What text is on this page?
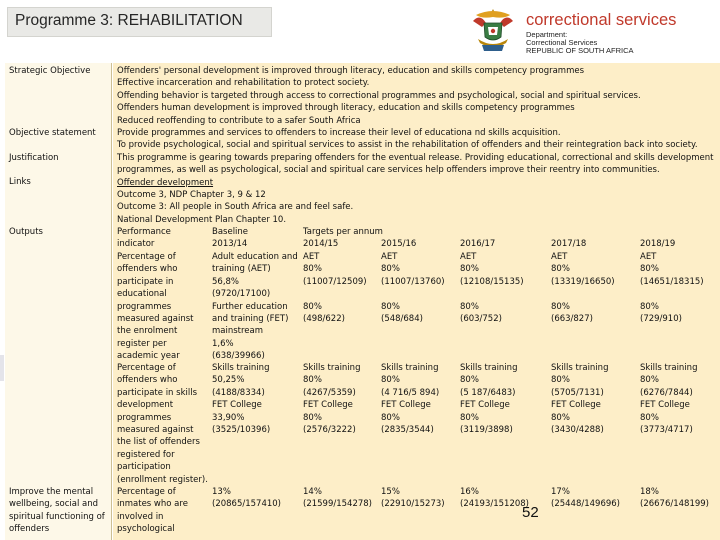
Programme 3: REHABILITATION	correctional services
Department:
Correctional Services
REPUBLIC OF SOUTH AFRICA
Strategic Objective
Objective statement
Justification
Links
Outputs
Improve the mental
wellbeing, social and
spiritual functioning of
offenders
Offenders' personal development is improved through literacy, education and skills competency programmes
Effective incarceration and rehabilitation to protect society.
Offending behavior is targeted through access to correctional programmes and psychological, social and spiritual services.
Offenders human development is improved through literacy, education and skills competency programmes
Reduced reoffending to contribute to a safer South Africa
Provide programmes and services to offenders to increase their level of educationa nd skills acquisition.
To provide psychological, social and spiritual services to assist in the rehabilitation of offenders and their reintegration back into society.
This programme is gearing towards preparing offenders for the eventual release. Providing educational, correctional and skills development
programmes, as well as psychological, social and spiritual care services help offenders improve their reentry into communities.
Offender development
Outcome 3, NDP Chapter 3, 9 & 12
Outcome 3: All people in South Africa are and feel safe.
National Development Plan Chapter 10.
Performance
indicator
Percentage of
offenders who
participate in
educational
programmes
measured against
the enrolment
register per
academic year
Percentage of
offenders who
participate in skills
development
programmes
measured against
the list of offenders
registered for
participation
(enrollment register).
Percentage of
inmates who are
involved in
psychological
Baseline
2013/14
Adult education and
training (AET)
56,8%
(9720/17100)
Further education
and training (FET)
mainstream
1,6%
(638/39966)
Skills training
50,25%
(4188/8334)
FET College
33,90%
(3525/10396)
13%
(20865/157410)
Targets per annum
2014/15
AET
80%
(11007/12509)

80%
(498/622)
Skills training
80%
(4267/5359)
FET College
80%
(2576/3222)
14%
(21599/154278)
2015/16
AET
80%
(11007/13760)

80%
(548/684)
Skills training
80%
(4 716/5 894)
FET College
80%
(2835/3544)
15%
(22910/15273)
2016/17
AET
80%
(12108/15135)

80%
(603/752)
Skills training
80%
(5 187/6483)
FET College
80%
(3119/3898)
16%
(24193/151208)
2017/18
AET
80%
(13319/16650)

80%
(663/827)
Skills training
80%
(5705/7131)
FET College
80%
(3430/4288)
17%
(25448/149696)
2018/19
AET
80%
(14651/18315)

80%
(729/910)
Skills training
80%
(6276/7844)
FET College
80%
(3773/4717)
18%
(26676/148199)
52
